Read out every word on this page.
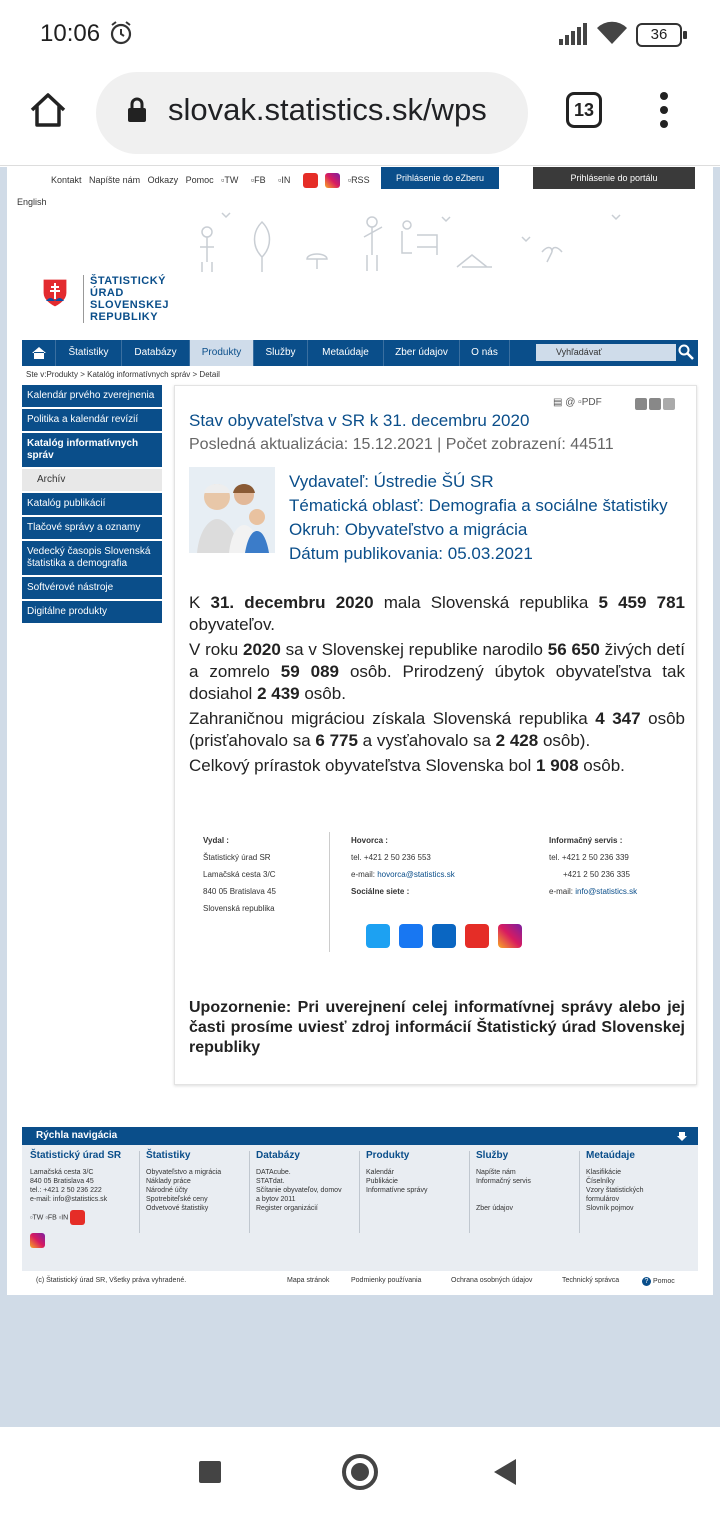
10:06	36
slovak.statistics.sk/wps	13
Kontakt Napíšte nám Odkazy Pomoc ▫TW ▫FB ▫IN	▫RSS	Prihlásenie do eZberu	Prihlásenie do portálu
English
ŠTATISTICKÝ
ÚRAD
SLOVENSKEJ
REPUBLIKY
Štatistiky	Databázy	Produkty	Služby	Metaúdaje	Zber údajov	O nás	Vyhľadávať
Ste v:Produkty > Katalóg informatívnych správ > Detail
Kalendár prvého zverejnenia
Politika a kalendár revízií
Katalóg informatívnych správ
Archív
Katalóg publikácií
Tlačové správy a oznamy
Vedecký časopis Slovenská štatistika a demografia
Softvérové nástroje
Digitálne produkty
▤ @ ▫PDF
Stav obyvateľstva v SR k 31. decembru 2020
Posledná aktualizácia: 15.12.2021 | Počet zobrazení: 44511
Vydavateľ: Ústredie ŠÚ SR
Tématická oblasť: Demografia a sociálne štatistiky
Okruh: Obyvateľstvo a migrácia
Dátum publikovania: 05.03.2021

K 31. decembru 2020 mala Slovenská republika 5 459 781 obyvateľov.

V roku 2020 sa v Slovenskej republike narodilo 56 650 živých detí a zomrelo 59 089 osôb. Prirodzený úbytok obyvateľstva tak dosiahol 2 439 osôb.

Zahraničnou migráciou získala Slovenská republika 4 347 osôb (prisťahovalo sa 6 775 a vysťahovalo sa 2 428 osôb).

Celkový prírastok obyvateľstva Slovenska bol 1 908 osôb.

Vydal :
Štatistický úrad SR
Lamačská cesta 3/C
840 05 Bratislava 45
Slovenská republika
Hovorca :
tel. +421 2 50 236 553
e-mail: hovorca@statistics.sk
Sociálne siete :
Informačný servis :
tel. +421 2 50 236 339
+421 2 50 236 335
e-mail: info@statistics.sk
Upozornenie: Pri uverejnení celej informatívnej správy alebo jej časti prosíme uviesť zdroj informácií Štatistický úrad Slovenskej republiky
Rýchla navigácia
Štatistický úrad SR
Lamačská cesta 3/C
840 05 Bratislava 45
tel.: +421 2 50 236 222
e-mail: info@statistics.sk
▫TW ▫FB ▫IN
Štatistiky
Obyvateľstvo a migrácia
Náklady práce
Národné účty
Spotrebiteľské ceny
Odvetvové štatistiky
Databázy
DATAcube.
STATdat.
Sčítanie obyvateľov, domov
a bytov 2011
Register organizácií
Produkty
Kalendár
Publikácie
Informatívne správy
Služby
Napíšte nám
Informačný servis
Zber údajov
Metaúdaje
Klasifikácie
Číselníky
Vzory štatistických
formulárov
Slovník pojmov
(c) Štatistický úrad SR, Všetky práva vyhradené.	Mapa stránok	Podmienky používania	Ochrana osobných údajov	Technický správca	? Pomoc
